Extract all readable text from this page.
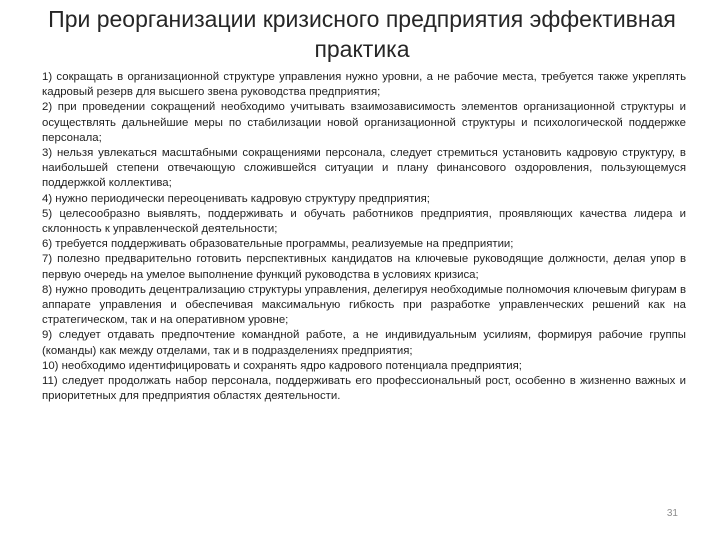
При реорганизации кризисного предприятия эффективная практика
1) сокращать в организационной структуре управления нужно уровни, а не рабочие места, требуется также укреплять кадровый резерв для высшего звена руководства предприятия;
2) при проведении сокращений необходимо учитывать взаимозависимость элементов организационной структуры и осуществлять дальнейшие меры по стабилизации новой организационной структуры и психологической поддержке персонала;
3) нельзя увлекаться масштабными сокращениями персонала, следует стремиться установить кадровую структуру, в наибольшей степени отвечающую сложившейся ситуации и плану финансового оздоровления, пользующемуся поддержкой коллектива;
4) нужно периодически переоценивать кадровую структуру предприятия;
5) целесообразно выявлять, поддерживать и обучать работников предприятия, проявляющих качества лидера и склонность к управленческой деятельности;
6) требуется поддерживать образовательные программы, реализуемые на предприятии;
7) полезно предварительно готовить перспективных кандидатов на ключевые руководящие должности, делая упор в первую очередь на умелое выполнение функций руководства в условиях кризиса;
8) нужно проводить децентрализацию структуры управления, делегируя необходимые полномочия ключевым фигурам в аппарате управления и обеспечивая максимальную гибкость при разработке управленческих решений как на стратегическом, так и на оперативном уровне;
9) следует отдавать предпочтение командной работе, а не индивидуальным усилиям, формируя рабочие группы (команды) как между отделами, так и в подразделениях предприятия;
10) необходимо идентифицировать и сохранять ядро кадрового потенциала предприятия;
11) следует продолжать набор персонала, поддерживать его профессиональный рост, особенно в жизненно важных и приоритетных для предприятия областях деятельности.
31
